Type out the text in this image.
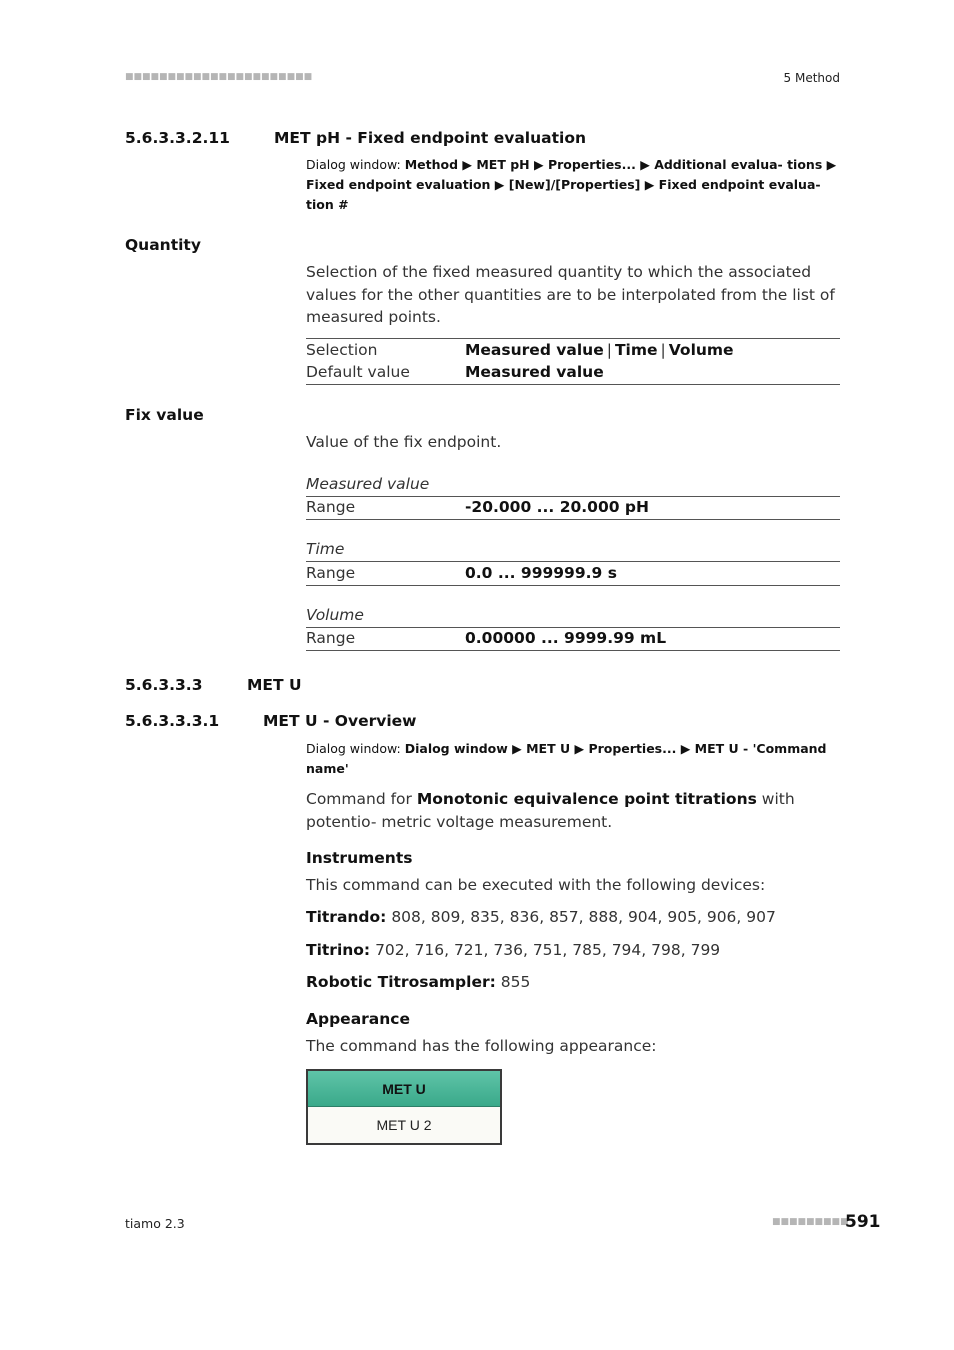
■■■■■■■■■■■■■■■■■■■■■■	5 Method
5.6.3.3.2.11	MET pH - Fixed endpoint evaluation
Dialog window: Method ▶ MET pH ▶ Properties... ▶ Additional evalua- tions ▶ Fixed endpoint evaluation ▶ [New]/[Properties] ▶ Fixed endpoint evalua- tion #
Quantity
Selection of the fixed measured quantity to which the associated values for the other quantities are to be interpolated from the list of measured points.
Selection	Measured value | Time | Volume
Default value	Measured value
Fix value
Value of the fix endpoint.
Measured value
Range	-20.000 ... 20.000 pH
Time
Range	0.0 ... 999999.9 s
Volume
Range	0.00000 ... 9999.99 mL
5.6.3.3.3	MET U
5.6.3.3.3.1	MET U - Overview
Dialog window: Dialog window ▶ MET U ▶ Properties... ▶ MET U - 'Command name'
Command for Monotonic equivalence point titrations with potentio- metric voltage measurement.
Instruments
This command can be executed with the following devices:
Titrando: 808, 809, 835, 836, 857, 888, 904, 905, 906, 907
Titrino: 702, 716, 721, 736, 751, 785, 794, 798, 799
Robotic Titrosampler: 855
Appearance
The command has the following appearance:
MET U
MET U 2
tiamo 2.3	■■■■■■■■■
591
